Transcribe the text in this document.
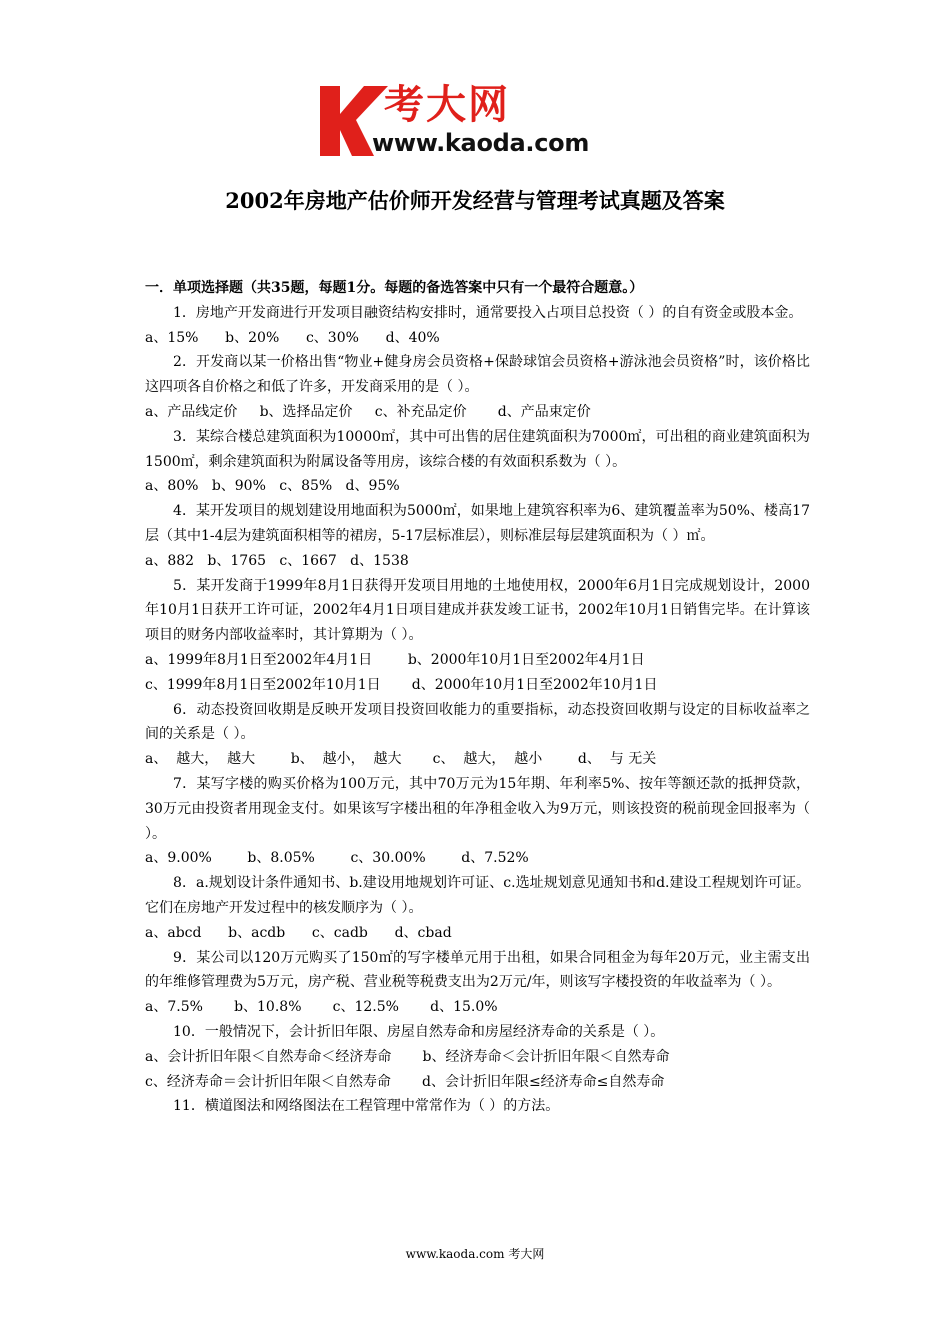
考大网
www.kaoda.com
2002年房地产估价师开发经营与管理考试真题及答案

一．单项选择题（共35题，每题1分。每题的备选答案中只有一个最符合题意。）

1．房地产开发商进行开发项目融资结构安排时，通常要投入占项目总投资（ ）的自有资金或股本金。

a、15%      b、20%      c、30%      d、40%

2．开发商以某一价格出售“物业+健身房会员资格+保龄球馆会员资格+游泳池会员资格”时，该价格比这四项各自价格之和低了许多，开发商采用的是（ ）。

a、产品线定价     b、选择品定价     c、补充品定价       d、产品束定价

3．某综合楼总建筑面积为10000㎡，其中可出售的居住建筑面积为7000㎡，可出租的商业建筑面积为1500㎡，剩余建筑面积为附属设备等用房，该综合楼的有效面积系数为（ ）。

a、80%   b、90%   c、85%   d、95%

4．某开发项目的规划建设用地面积为5000㎡，如果地上建筑容积率为6、建筑覆盖率为50%、楼高17层（其中1-4层为建筑面积相等的裙房，5-17层标准层），则标准层每层建筑面积为（ ）㎡。

a、882   b、1765   c、1667   d、1538

5．某开发商于1999年8月1日获得开发项目用地的土地使用权，2000年6月1日完成规划设计，2000年10月1日获开工许可证，2002年4月1日项目建成并获发竣工证书，2002年10月1日销售完毕。在计算该项目的财务内部收益率时，其计算期为（ ）。

a、1999年8月1日至2002年4月1日        b、2000年10月1日至2002年4月1日

c、1999年8月1日至2002年10月1日       d、2000年10月1日至2002年10月1日

6．动态投资回收期是反映开发项目投资回收能力的重要指标，动态投资回收期与设定的目标收益率之间的关系是（ ）。

a、  越大，  越大        b、  越小，  越大       c、  越大，  越小        d、  与 无关

7．某写字楼的购买价格为100万元，其中70万元为15年期、年利率5%、按年等额还款的抵押贷款，30万元由投资者用现金支付。如果该写字楼出租的年净租金收入为9万元，则该投资的税前现金回报率为（ ）。

a、9.00%        b、8.05%        c、30.00%        d、7.52%

8．a.规划设计条件通知书、b.建设用地规划许可证、c.选址规划意见通知书和d.建设工程规划许可证。它们在房地产开发过程中的核发顺序为（ ）。

a、abcd      b、acdb      c、cadb      d、cbad

9．某公司以120万元购买了150㎡的写字楼单元用于出租，如果合同租金为每年20万元，业主需支出的年维修管理费为5万元，房产税、营业税等税费支出为2万元/年，则该写字楼投资的年收益率为（ ）。

a、7.5%       b、10.8%       c、12.5%       d、15.0%

10．一般情况下，会计折旧年限、房屋自然寿命和房屋经济寿命的关系是（ ）。

a、会计折旧年限＜自然寿命＜经济寿命       b、经济寿命＜会计折旧年限＜自然寿命

c、经济寿命＝会计折旧年限＜自然寿命       d、会计折旧年限≤经济寿命≤自然寿命

11．横道图法和网络图法在工程管理中常常作为（ ）的方法。

www.kaoda.com 考大网
